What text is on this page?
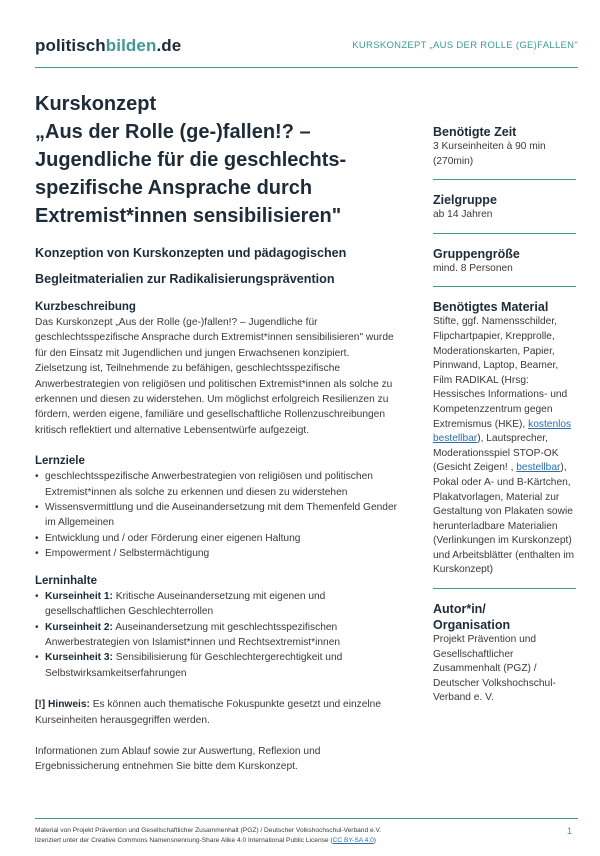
politischbilden.de	KURSKONZEPT „AUS DER ROLLE (GE)FALLEN"
Kurskonzept
„Aus der Rolle (ge-)fallen!? –
Jugendliche für die geschlechts-
spezifische Ansprache durch
Extremist*innen sensibilisieren"
Konzeption von Kurskonzepten und pädagogischen
Begleitmaterialien zur Radikalisierungsprävention

Kurzbeschreibung

Das Kurskonzept „Aus der Rolle (ge-)fallen!? – Jugendliche für geschlechtsspezifische Ansprache durch Extremist*innen sensibilisieren" wurde für den Einsatz mit Jugendlichen und jungen Erwachsenen konzipiert. Zielsetzung ist, Teilnehmende zu befähigen, geschlechtsspezifische Anwerbestrategien von religiösen und politischen Extremist*innen als solche zu erkennen und diesen zu widerstehen. Um möglichst erfolgreich Resilienzen zu fördern, werden eigene, familiäre und gesellschaftliche Rollenzuschreibungen kritisch reflektiert und alternative Lebensentwürfe aufgezeigt.

Lernziele

• geschlechtsspezifische Anwerbestrategien von religiösen und politischen Extremist*innen als solche zu erkennen und diesen zu widerstehen
• Wissensvermittlung und die Auseinandersetzung mit dem Themenfeld Gender im Allgemeinen
• Entwicklung und / oder Förderung einer eigenen Haltung
• Empowerment / Selbstermächtigung

Lerninhalte

• Kurseinheit 1: Kritische Auseinandersetzung mit eigenen und gesellschaftlichen Geschlechterrollen
• Kurseinheit 2: Auseinandersetzung mit geschlechtsspezifischen Anwerbestrategien von Islamist*innen und Rechtsextremist*innen
• Kurseinheit 3: Sensibilisierung für Geschlechtergerechtigkeit und Selbstwirksamkeitserfahrungen

[!] Hinweis: Es können auch thematische Fokuspunkte gesetzt und einzelne Kurseinheiten herausgegriffen werden.

Informationen zum Ablauf sowie zur Auswertung, Reflexion und Ergebnissicherung entnehmen Sie bitte dem Kurskonzept.

Benötigte Zeit

3 Kurseinheiten à 90 min (270min)

Zielgruppe

ab 14 Jahren

Gruppengröße

mind. 8 Personen

Benötigtes Material

Stifte, ggf. Namensschilder, Flipchartpapier, Krepprolle, Moderationskarten, Papier, Pinnwand, Laptop, Beamer, Film RADIKAL (Hrsg: Hessisches Informations- und Kompetenzzentrum gegen Extremismus (HKE), kostenlos bestellbar), Lautsprecher, Moderationsspiel STOP-OK (Gesicht Zeigen! , bestellbar), Pokal oder A- und B-Kärtchen, Plakatvorlagen, Material zur Gestaltung von Plakaten sowie herunterladbare Materialien (Verlinkungen im Kurskonzept) und Arbeitsblätter (enthalten im Kurskonzept)

Autor*in/
Organisation

Projekt Prävention und Gesellschaftlicher Zusammenhalt (PGZ) / Deutscher Volkshochschul-Verband e. V.

Material von Projekt Prävention und Gesellschaftlicher Zusammenhalt (PGZ) / Deutscher Volkshochschul-Verband e.V.
lizenziert unter der Creative Commons Namensnennung-Share Alike 4.0 International Public License (CC BY-SA 4.0)
1
